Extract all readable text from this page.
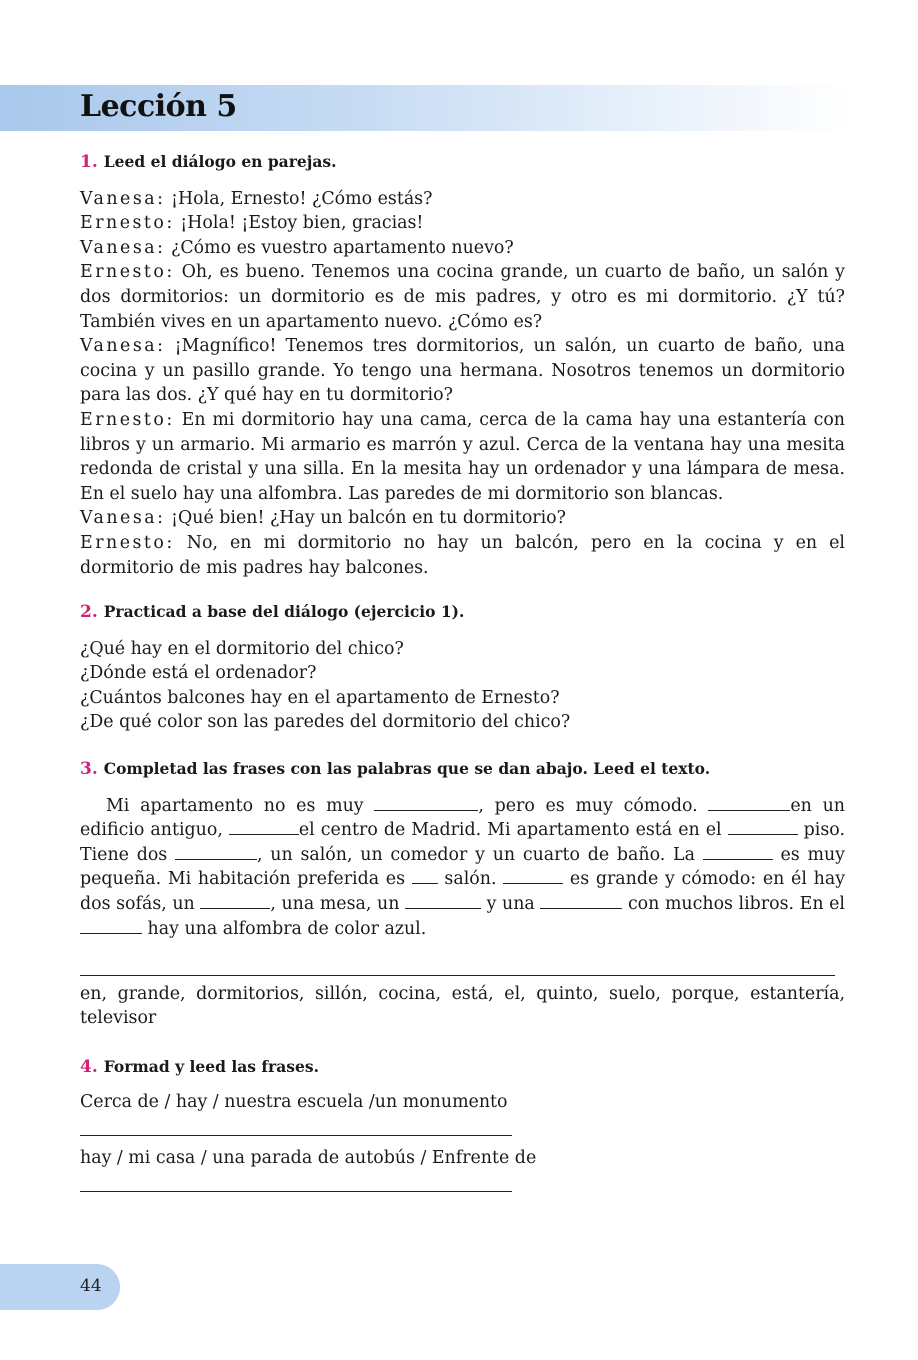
Lección 5

1. Leed el diálogo en parejas.

Vanesa: ¡Hola, Ernesto! ¿Cómo estás?

Ernesto: ¡Hola! ¡Estoy bien, gracias!

Vanesa: ¿Cómo es vuestro apartamento nuevo?

Ernesto: Oh, es bueno. Tenemos una cocina grande, un cuarto de baño, un salón y dos dormitorios: un dormitorio es de mis padres, y otro es mi dormitorio. ¿Y tú? También vives en un apartamento nuevo. ¿Cómo es?

Vanesa: ¡Magnífico! Tenemos tres dormitorios, un salón, un cuarto de baño, una cocina y un pasillo grande. Yo tengo una hermana. Nosotros tenemos un dormitorio para las dos. ¿Y qué hay en tu dormitorio?

Ernesto: En mi dormitorio hay una cama, cerca de la cama hay una estantería con libros y un armario. Mi armario es marrón y azul. Cerca de la ventana hay una mesita redonda de cristal y una silla. En la mesita hay un ordenador y una lámpara de mesa. En el suelo hay una alfombra. Las paredes de mi dormitorio son blancas.

Vanesa: ¡Qué bien! ¿Hay un balcón en tu dormitorio?

Ernesto: No, en mi dormitorio no hay un balcón, pero en la cocina y en el dormitorio de mis padres hay balcones.

2. Practicad a base del diálogo (ejercicio 1).

¿Qué hay en el dormitorio del chico?

¿Dónde está el ordenador?

¿Cuántos balcones hay en el apartamento de Ernesto?

¿De qué color son las paredes del dormitorio del chico?

3. Completad las frases con las palabras que se dan abajo. Leed el texto.

Mi apartamento no es muy	, pero es muy cómodo.	en un edificio antiguo,	el centro de Madrid. Mi apartamento está en el	piso. Tiene dos	, un salón, un comedor y un cuarto de baño. La	es muy pequeña. Mi habitación preferida es  salón.	es grande y cómodo: en él hay dos sofás, un	, una mesa, un	y una	con muchos libros. En el  hay una alfombra de color azul.

en, grande, dormitorios, sillón, cocina, está, el, quinto, suelo, porque, estantería, televisor

4. Formad y leed las frases.

Cerca de / hay / nuestra escuela /un monumento

hay / mi casa / una parada de autobús / Enfrente de

44
